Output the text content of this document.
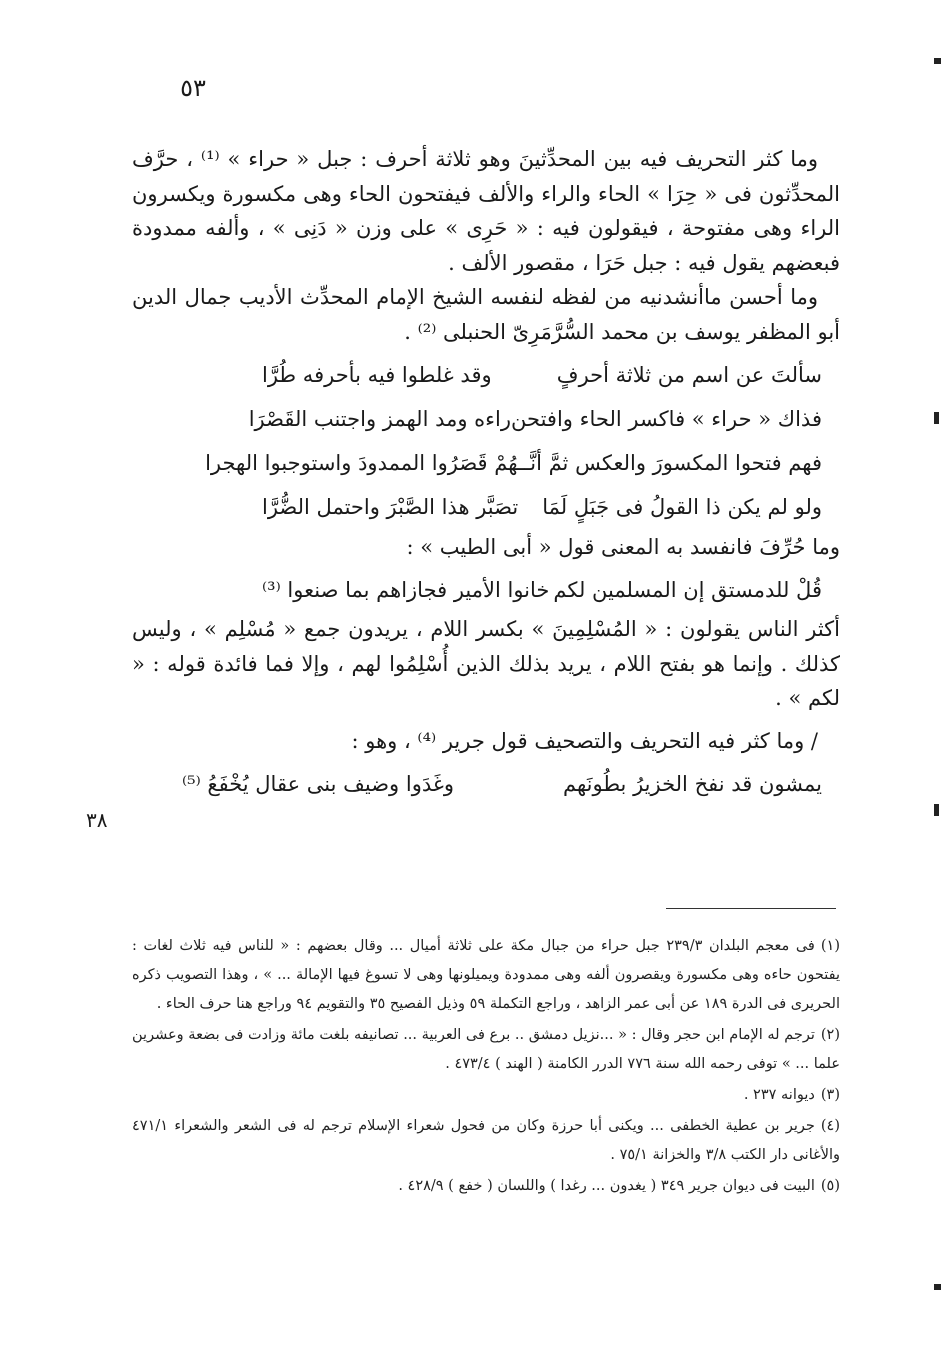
٥٣

وما كثر التحريف فيه بين المحدِّثينَ وهو ثلاثة أحرف : جبل « حراء » ⁽¹⁾ ، حرَّف المحدِّثون فى « حِرَا » الحاء والراء والألف فيفتحون الحاء وهى مكسورة ويكسرون الراء وهى مفتوحة ، فيقولون فيه : « حَرِى » على وزن « دَنِى » ، وألفه ممدودة فبعضهم يقول فيه : جبل حَرَا ، مقصور الألف .

وما أحسن ماأنشدنيه من لفظه لنفسه الشيخ الإمام المحدِّث الأديب جمال الدين أبو المظفر يوسف بن محمد السُّرَّمَرِىّ الحنبلى ⁽²⁾ .

سألتَ عن اسم من ثلاثة أحرفٍ
وقد غلطوا فيه بأحرفه طُرَّا
فذاك « حراء » فاكسر الحاء وافتحن
راءه ومد الهمز واجتنب القَصْرَا
فهم فتحوا المكسورَ والعكس ثمَّ أنَّـ
ـهُمْ قَصَرُوا الممدودَ واستوجبوا الهجرا
ولو لم يكن ذا القولُ فى جَبَلٍ لَمَا
تصَبَّر هذا الصَّبْرَ واحتمل الضُّرَّا

وما حُرِّفَ فانفسد به المعنى قول « أبى الطيب » :

قُلْ للدمستق إن المسلمين لكم
خانوا الأمير فجازاهم بما صنعوا ⁽³⁾

أكثر الناس يقولون : « المُسْلِمِينَ » بكسر اللام ، يريدون جمع « مُسْلِم » ، وليس كذلك . وإنما هو بفتح اللام ، يريد بذلك الذين أُسْلِمُوا لهم ، وإلا فما فائدة قوله : « لكم » .

/ وما كثر فيه التحريف والتصحيف قول جرير ⁽⁴⁾ ، وهو :

يمشون قد نفخ الخزيرُ بطُونَهم
وغَدَوا وضيف بنى عقال يُخْفَعُ ⁽⁵⁾
٣٨

(١)فى معجم البلدان ٢٣٩/٣ جبل حراء من جبال مكة على ثلاثة أميال ... وقال بعضهم : « للناس فيه ثلاث لغات : يفتحون حاءه وهى مكسورة ويقصرون ألفه وهى ممدودة ويميلونها وهى لا تسوغ فيها الإمالة ... » ، وهذا التصويب ذكره الحريرى فى الدرة ١٨٩ عن أبى عمر الزاهد ، وراجع التكملة ٥٩ وذيل الفصيح ٣٥ والتقويم ٩٤ وراجع هنا حرف الحاء .

(٢)ترجم له الإمام ابن حجر وقال : « ...نزيل دمشق .. برع فى العربية ... تصانيفه بلغت مائة وزادت فى بضعة وعشرين علما ... » توفى رحمه الله سنة ٧٧٦ الدرر الكامنة ( الهند ) ٤٧٣/٤ .

(٣)ديوانه ٢٣٧ .

(٤)جرير بن عطية الخطفى ... ويكنى أبا حرزة وكان من فحول شعراء الإسلام ترجم له فى الشعر والشعراء ٤٧١/١ والأغانى دار الكتب ٣/٨ والخزانة ٧٥/١ .

(٥)البيت فى ديوان جرير ٣٤٩ ( يغدون ... رغدا ) واللسان ( خفع ) ٤٢٨/٩ .
